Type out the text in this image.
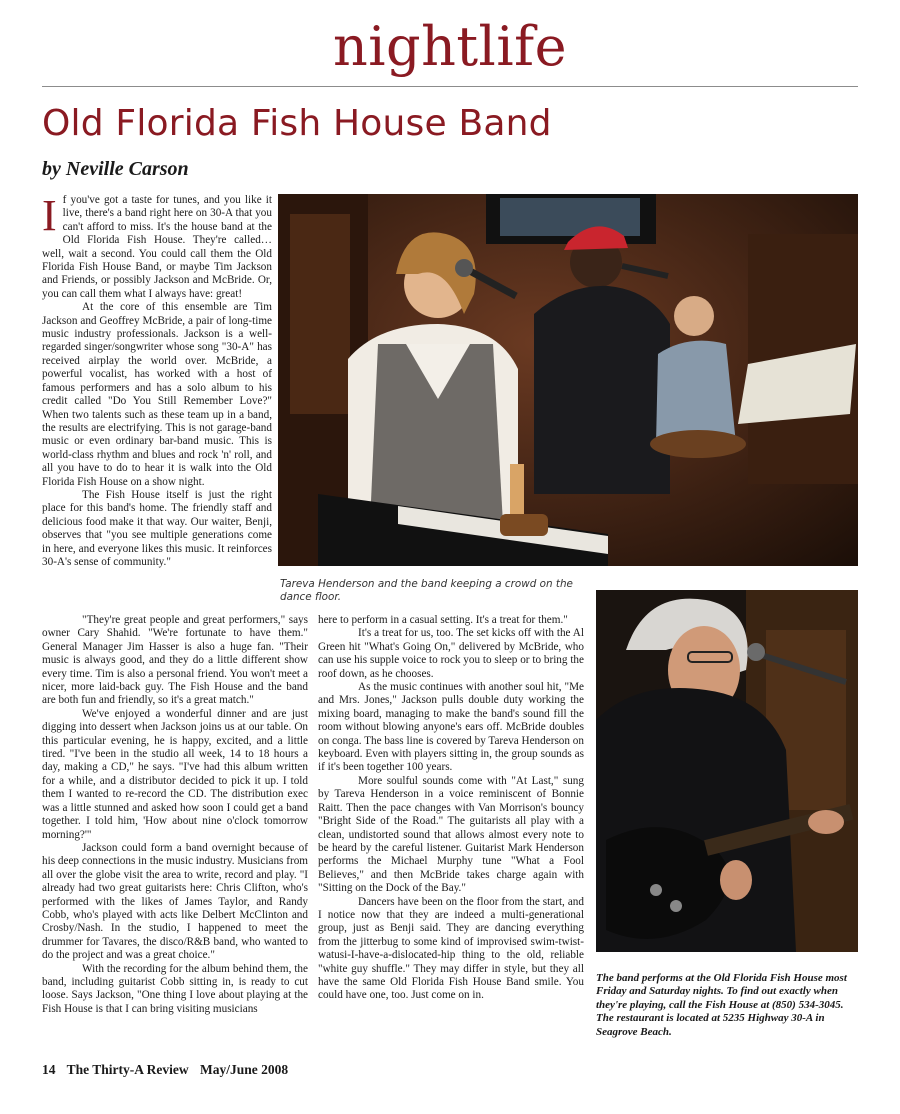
nightlife
Old Florida Fish House Band
by Neville Carson

If you've got a taste for tunes, and you like it live, there's a band right here on 30-A that you can't afford to miss. It's the house band at the Old Florida Fish House. They're called… well, wait a second. You could call them the Old Florida Fish House Band, or maybe Tim Jackson and Friends, or possibly Jackson and McBride. Or, you can call them what I always have: great!

At the core of this ensemble are Tim Jackson and Geoffrey McBride, a pair of long-time music industry professionals. Jackson is a well-regarded singer/songwriter whose song "30-A" has received airplay the world over. McBride, a powerful vocalist, has worked with a host of famous performers and has a solo album to his credit called "Do You Still Remember Love?" When two talents such as these team up in a band, the results are electrifying. This is not garage-band music or even ordinary bar-band music. This is world-class rhythm and blues and rock 'n' roll, and all you have to do to hear it is walk into the Old Florida Fish House on a show night.

The Fish House itself is just the right place for this band's home. The friendly staff and delicious food make it that way. Our waiter, Benji, observes that "you see multiple generations come in here, and everyone likes this music. It reinforces 30-A's sense of community."

"They're great people and great performers," says owner Cary Shahid. "We're fortunate to have them." General Manager Jim Hasser is also a huge fan. "Their music is always good, and they do a little different show every time. Tim is also a personal friend. You won't meet a nicer, more laid-back guy. The Fish House and the band are both fun and friendly, so it's a great match."

We've enjoyed a wonderful dinner and are just digging into dessert when Jackson joins us at our table. On this particular evening, he is happy, excited, and a little tired. "I've been in the studio all week, 14 to 18 hours a day, making a CD," he says. "I've had this album written for a while, and a distributor decided to pick it up. I told them I wanted to re-record the CD. The distribution exec was a little stunned and asked how soon I could get a band together. I told him, 'How about nine o'clock tomorrow morning?'"

Jackson could form a band overnight because of his deep connections in the music industry. Musicians from all over the globe visit the area to write, record and play. "I already had two great guitarists here: Chris Clifton, who's performed with the likes of James Taylor, and Randy Cobb, who's played with acts like Delbert McClinton and Crosby/Nash. In the studio, I happened to meet the drummer for Tavares, the disco/R&B band, who wanted to do the project and was a great choice."

With the recording for the album behind them, the band, including guitarist Cobb sitting in, is ready to cut loose. Says Jackson, "One thing I love about playing at the Fish House is that I can bring visiting musicians

here to perform in a casual setting. It's a treat for them."

It's a treat for us, too. The set kicks off with the Al Green hit "What's Going On," delivered by McBride, who can use his supple voice to rock you to sleep or to bring the roof down, as he chooses.

As the music continues with another soul hit, "Me and Mrs. Jones," Jackson pulls double duty working the mixing board, managing to make the band's sound fill the room without blowing anyone's ears off. McBride doubles on conga. The bass line is covered by Tareva Henderson on keyboard. Even with players sitting in, the group sounds as if it's been together 100 years.

More soulful sounds come with "At Last," sung by Tareva Henderson in a voice reminiscent of Bonnie Raitt. Then the pace changes with Van Morrison's bouncy "Bright Side of the Road." The guitarists all play with a clean, undistorted sound that allows almost every note to be heard by the careful listener. Guitarist Mark Henderson performs the Michael Murphy tune "What a Fool Believes," and then McBride takes charge again with "Sitting on the Dock of the Bay."

Dancers have been on the floor from the start, and I notice now that they are indeed a multi-generational group, just as Benji said. They are dancing everything from the jitterbug to some kind of improvised swim-twist-watusi-I-have-a-dislocated-hip thing to the old, reliable "white guy shuffle." They may differ in style, but they all have the same Old Florida Fish House Band smile. You could have one, too. Just come on in.

Tareva Henderson and the band keeping a crowd on the dance floor.
The band performs at the Old Florida Fish House most Friday and Saturday nights. To find out exactly when they're playing, call the Fish House at (850) 534-3045. The restaurant is located at 5235 Highway 30-A in Seagrove Beach.
14 The Thirty-A Review May/June 2008
